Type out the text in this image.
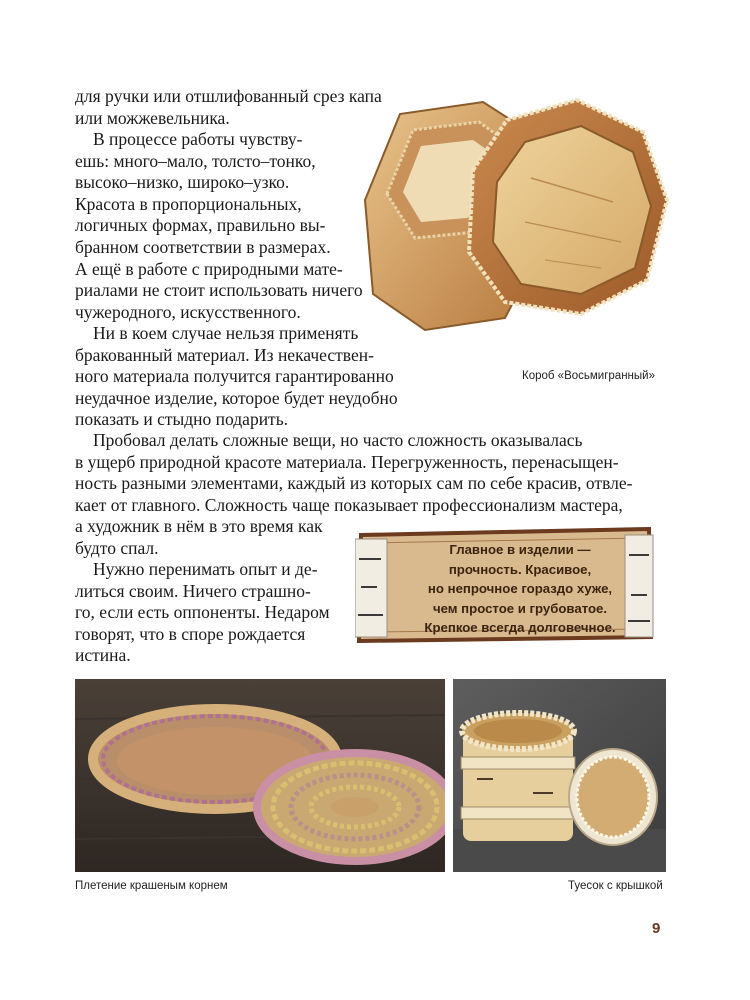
для ручки или отшлифованный срез капа
или можжевельника.

В процессе работы чувству-
ешь: много–мало, толсто–тонко,
высоко–низко, широко–узко.
Красота в пропорциональных,
логичных формах, правильно вы-
бранном соответствии в размерах.
А ещё в работе с природными мате-
риалами не стоит использовать ничего
чужеродного, искусственного.

Ни в коем случае нельзя применять
бракованный материал. Из некачествен-
ного материала получится гарантированно
неудачное изделие, которое будет неудобно
показать и стыдно подарить.

Пробовал делать сложные вещи, но часто сложность оказывалась
в ущерб природной красоте материала. Перегруженность, перенасыщен-
ность разными элементами, каждый из которых сам по себе красив, отвле-
кает от главного. Сложность чаще показывает профессионализм мастера,
а художник в нём в это время как
будто спал.

Нужно перенимать опыт и де-
литься своим. Ничего страшно-
го, если есть оппоненты. Недаром
говорят, что в споре рождается
истина.

Короб «Восьмигранный»
Главное в изделии —
прочность. Красивое,
но непрочное гораздо хуже,
чем простое и грубоватое.
Крепкое всегда долговечное.
Плетение крашеным корнем	Туесок с крышкой
9
